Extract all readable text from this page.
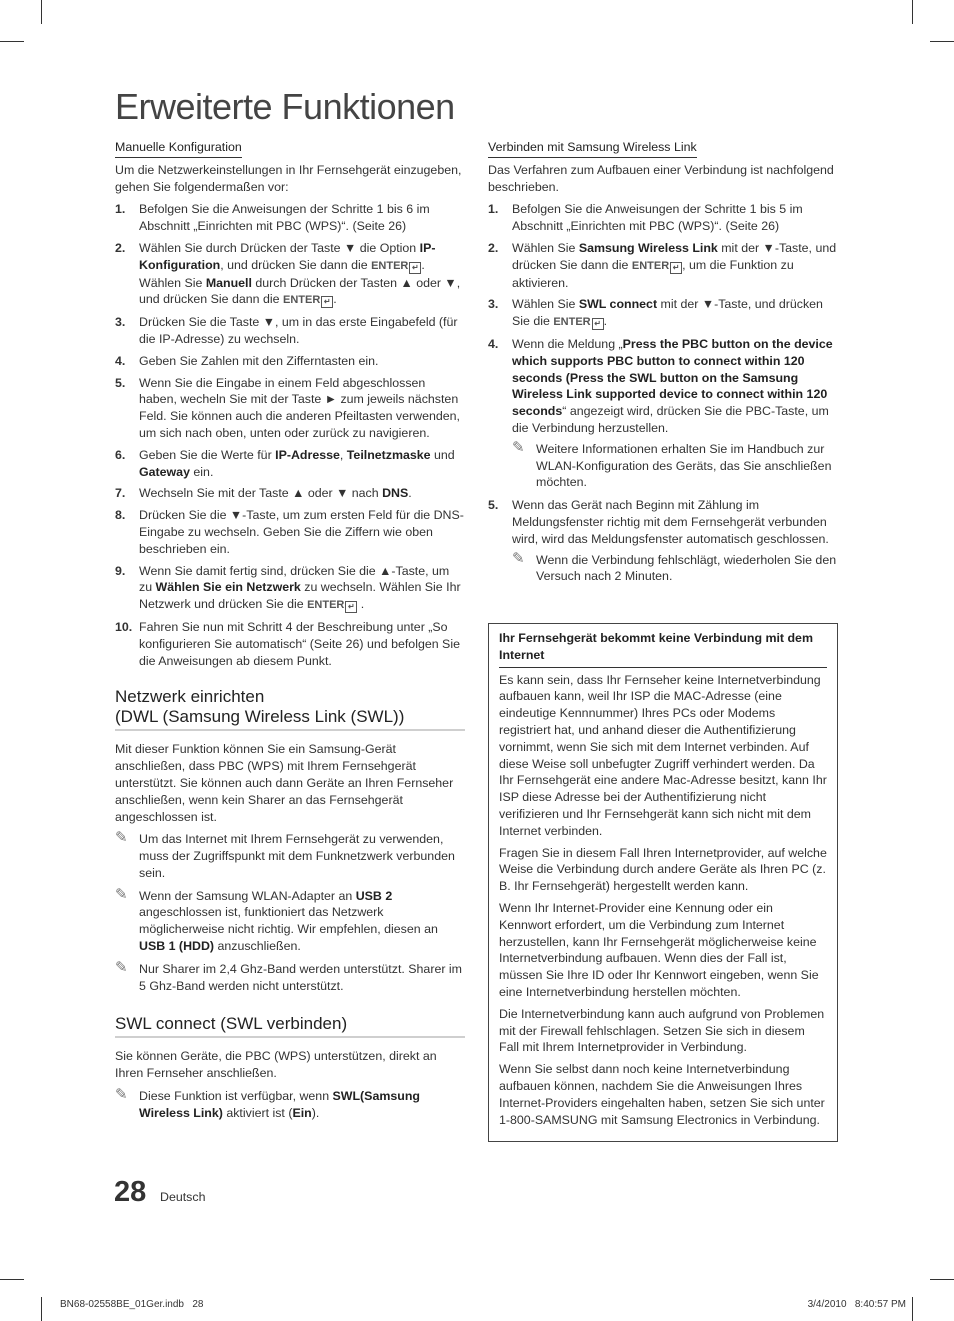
Erweiterte Funktionen
Manuelle Konfiguration

Um die Netzwerkeinstellungen in Ihr Fernsehgerät einzugeben, gehen Sie folgendermaßen vor:

1. Befolgen Sie die Anweisungen der Schritte 1 bis 6 im Abschnitt „Einrichten mit PBC (WPS)“. (Seite 26)
2. Wählen Sie durch Drücken der Taste ▼ die Option IP-Konfiguration, und drücken Sie dann die ENTER ↵ . Wählen Sie Manuell durch Drücken der Tasten ▲ oder ▼, und drücken Sie dann die ENTER ↵ .
3. Drücken Sie die Taste ▼, um in das erste Eingabefeld (für die IP-Adresse) zu wechseln.
4. Geben Sie Zahlen mit den Zifferntasten ein.
5. Wenn Sie die Eingabe in einem Feld abgeschlossen haben, wecheln Sie mit der Taste ► zum jeweils nächsten Feld. Sie können auch die anderen Pfeiltasten verwenden, um sich nach oben, unten oder zurück zu navigieren.
6. Geben Sie die Werte für IP-Adresse, Teilnetzmaske und Gateway ein.
7. Wechseln Sie mit der Taste ▲ oder ▼ nach DNS.
8. Drücken Sie die ▼-Taste, um zum ersten Feld für die DNS-Eingabe zu wechseln. Geben Sie die Ziffern wie oben beschrieben ein.
9. Wenn Sie damit fertig sind, drücken Sie die ▲-Taste, um zu Wählen Sie ein Netzwerk zu wechseln. Wählen Sie Ihr Netzwerk und drücken Sie die ENTER ↵ .
10. Fahren Sie nun mit Schritt 4 der Beschreibung unter „So konfigurieren Sie automatisch“ (Seite 26) und befolgen Sie die Anweisungen ab diesem Punkt.
Netzwerk einrichten
(DWL (Samsung Wireless Link (SWL))

Mit dieser Funktion können Sie ein Samsung-Gerät anschließen, dass PBC (WPS) mit Ihrem Fernsehgerät unterstützt. Sie können auch dann Geräte an Ihren Fernseher anschließen, wenn kein Sharer an das Fernsehgerät angeschlossen ist.

✎ Um das Internet mit Ihrem Fernsehgerät zu verwenden, muss der Zugriffspunkt mit dem Funknetzwerk verbunden sein.
✎ Wenn der Samsung WLAN-Adapter an USB 2 angeschlossen ist, funktioniert das Netzwerk möglicherweise nicht richtig. Wir empfehlen, diesen an USB 1 (HDD) anzuschließen.
✎ Nur Sharer im 2,4 Ghz-Band werden unterstützt. Sharer im 5 Ghz-Band werden nicht unterstützt.
SWL connect (SWL verbinden)

Sie können Geräte, die PBC (WPS) unterstützen, direkt an Ihren Fernseher anschließen.

✎ Diese Funktion ist verfügbar, wenn SWL(Samsung Wireless Link) aktiviert ist (Ein).
Verbinden mit Samsung Wireless Link

Das Verfahren zum Aufbauen einer Verbindung ist nachfolgend beschrieben.

1. Befolgen Sie die Anweisungen der Schritte 1 bis 5 im Abschnitt „Einrichten mit PBC (WPS)“. (Seite 26)
2. Wählen Sie Samsung Wireless Link mit der ▼-Taste, und drücken Sie dann die ENTER ↵ , um die Funktion zu aktivieren.
3. Wählen Sie SWL connect mit der ▼-Taste, und drücken Sie die ENTER ↵ .
4. Wenn die Meldung „Press the PBC button on the device which supports PBC button to connect within 120 seconds (Press the SWL button on the Samsung Wireless Link supported device to connect within 120 seconds“ angezeigt wird, drücken Sie die PBC-Taste, um die Verbindung herzustellen.
✎ Weitere Informationen erhalten Sie im Handbuch zur WLAN-Konfiguration des Geräts, das Sie anschließen möchten.
5. Wenn das Gerät nach Beginn mit Zählung im Meldungsfenster richtig mit dem Fernsehgerät verbunden wird, wird das Meldungsfenster automatisch geschlossen.
✎ Wenn die Verbindung fehlschlägt, wiederholen Sie den Versuch nach 2 Minuten.
Ihr Fernsehgerät bekommt keine Verbindung mit dem Internet

Es kann sein, dass Ihr Fernseher keine Internetverbindung aufbauen kann, weil Ihr ISP die MAC-Adresse (eine eindeutige Kennnummer) Ihres PCs oder Modems registriert hat, und anhand dieser die Authentifizierung vornimmt, wenn Sie sich mit dem Internet verbinden. Auf diese Weise soll unbefugter Zugriff verhindert werden. Da Ihr Fernsehgerät eine andere Mac-Adresse besitzt, kann Ihr ISP diese Adresse bei der Authentifizierung nicht verifizieren und Ihr Fernsehgerät kann sich nicht mit dem Internet verbinden.

Fragen Sie in diesem Fall Ihren Internetprovider, auf welche Weise die Verbindung durch andere Geräte als Ihren PC (z. B. Ihr Fernsehgerät) hergestellt werden kann.

Wenn Ihr Internet-Provider eine Kennung oder ein Kennwort erfordert, um die Verbindung zum Internet herzustellen, kann Ihr Fernsehgerät möglicherweise keine Internetverbindung aufbauen. Wenn dies der Fall ist, müssen Sie Ihre ID oder Ihr Kennwort eingeben, wenn Sie eine Internetverbindung herstellen möchten.

Die Internetverbindung kann auch aufgrund von Problemen mit der Firewall fehlschlagen. Setzen Sie sich in diesem Fall mit Ihrem Internetprovider in Verbindung.

Wenn Sie selbst dann noch keine Internetverbindung aufbauen können, nachdem Sie die Anweisungen Ihres Internet-Providers eingehalten haben, setzen Sie sich unter 1-800-SAMSUNG mit Samsung Electronics in Verbindung.

28 Deutsch
BN68-02558BE_01Ger.indb   28	3/4/2010   8:40:57 PM
